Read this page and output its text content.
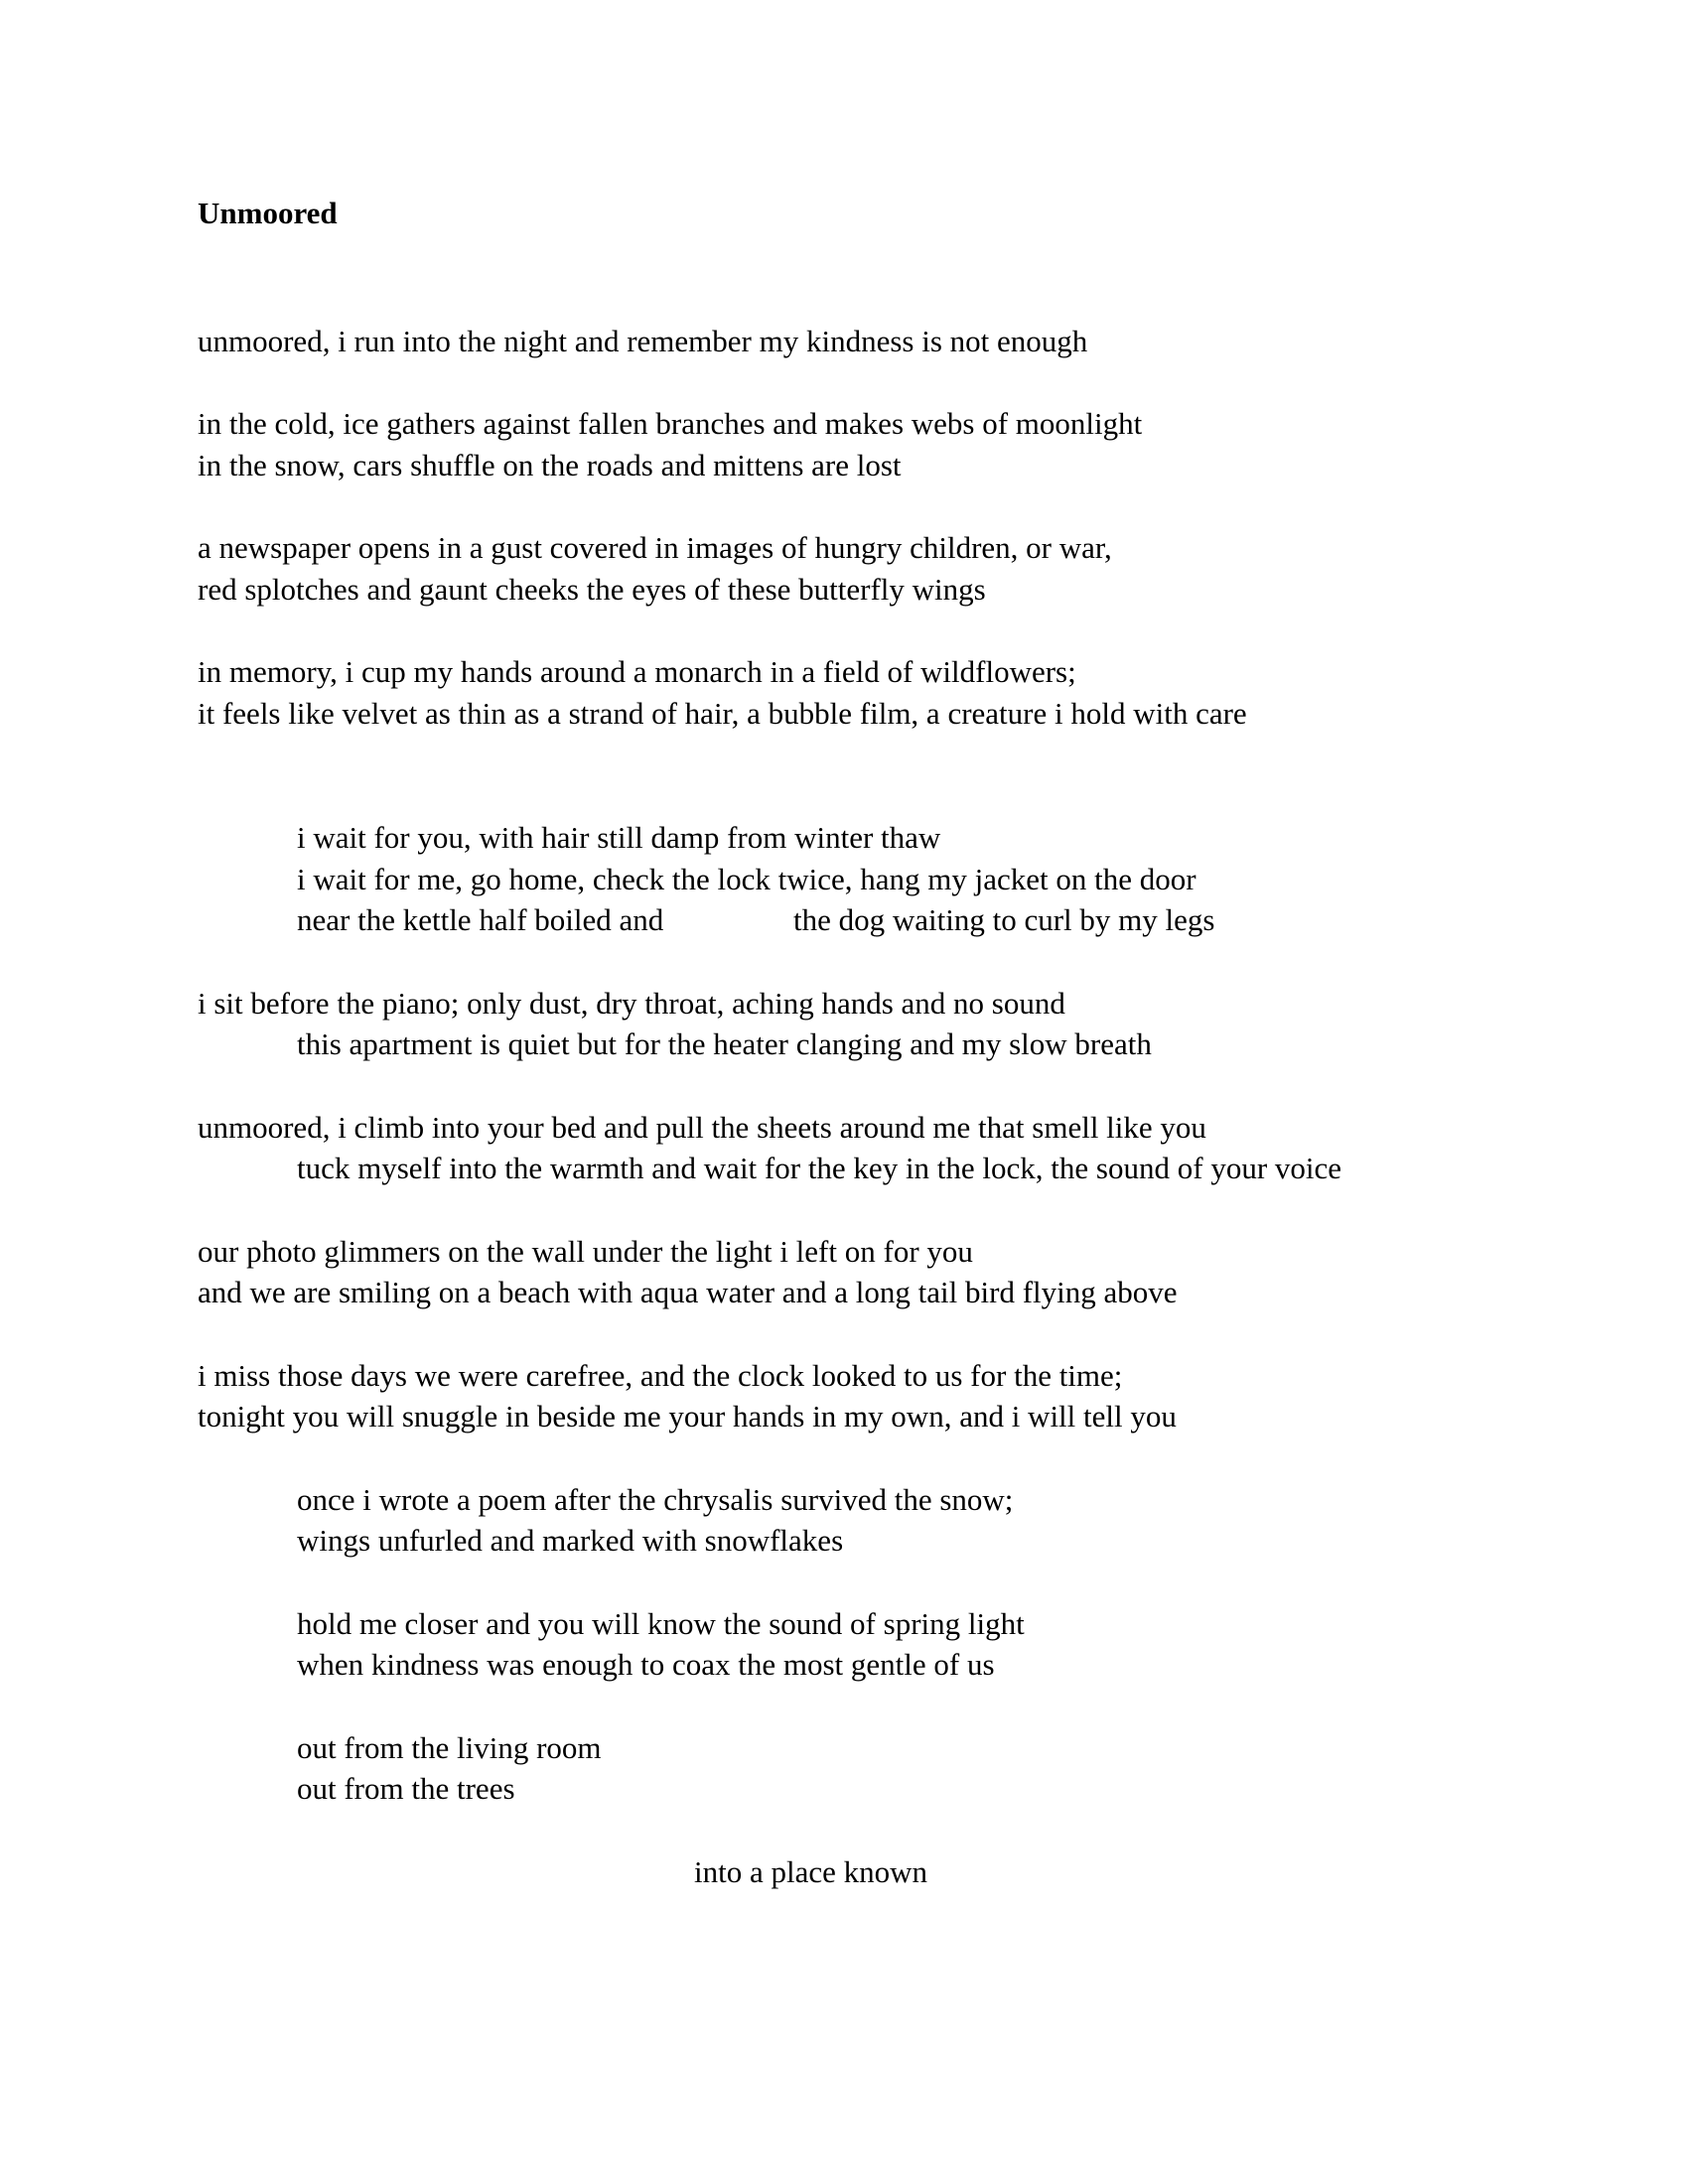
Unmoored
unmoored, i run into the night and remember my kindness is not enough
in the cold, ice gathers against fallen branches and makes webs of moonlight
in the snow, cars shuffle on the roads and mittens are lost
a newspaper opens in a gust covered in images of hungry children, or war,
red splotches and gaunt cheeks the eyes of these butterfly wings
in memory, i cup my hands around a monarch in a field of wildflowers;
it feels like velvet as thin as a strand of hair, a bubble film, a creature i hold with care
i wait for you, with hair still damp from winter thaw
i wait for me, go home, check the lock twice, hang my jacket on the door
near the kettle half boiled and	the dog waiting to curl by my legs
i sit before the piano; only dust, dry throat, aching hands and no sound
this apartment is quiet but for the heater clanging and my slow breath
unmoored, i climb into your bed and pull the sheets around me that smell like you
tuck myself into the warmth and wait for the key in the lock, the sound of your voice
our photo glimmers on the wall under the light i left on for you
and we are smiling on a beach with aqua water and a long tail bird flying above
i miss those days we were carefree, and the clock looked to us for the time;
tonight you will snuggle in beside me your hands in my own, and i will tell you
once i wrote a poem after the chrysalis survived the snow;
wings unfurled and marked with snowflakes
hold me closer and you will know the sound of spring light
when kindness was enough to coax the most gentle of us
out from the living room
out from the trees
into a place known
